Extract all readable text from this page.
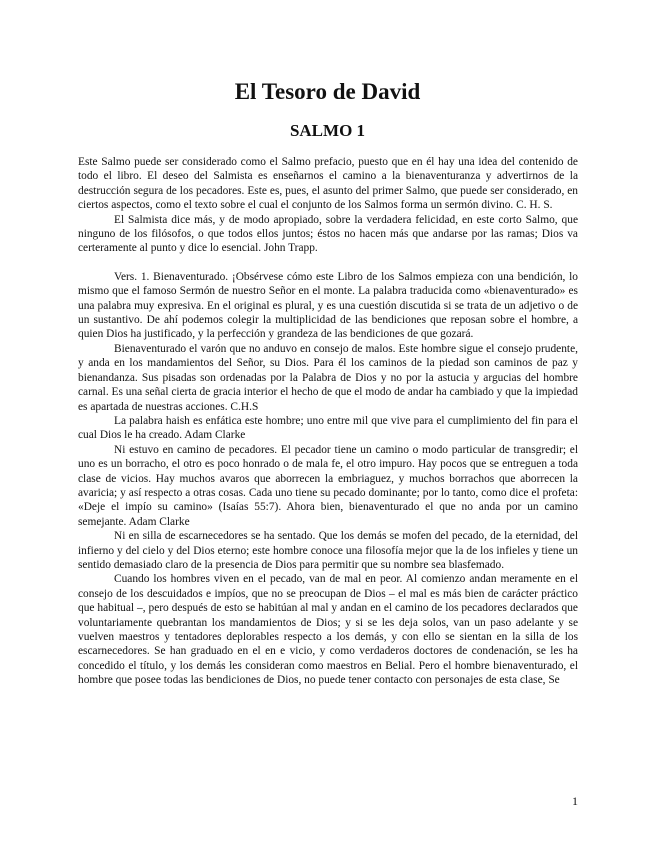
El Tesoro de David
SALMO 1

Este Salmo puede ser considerado como el Salmo prefacio, puesto que en él hay una idea del contenido de todo el libro. El deseo del Salmista es enseñarnos el camino a la bienaventuranza y advertirnos de la destrucción segura de los pecadores. Este es, pues, el asunto del primer Salmo, que puede ser considerado, en ciertos aspectos, como el texto sobre el cual el conjunto de los Salmos forma un sermón divino. C. H. S.

El Salmista dice más, y de modo apropiado, sobre la verdadera felicidad, en este corto Salmo, que ninguno de los filósofos, o que todos ellos juntos; éstos no hacen más que andarse por las ramas; Dios va certeramente al punto y dice lo esencial. John Trapp.

Vers. 1. Bienaventurado. ¡Obsérvese cómo este Libro de los Salmos empieza con una bendición, lo mismo que el famoso Sermón de nuestro Señor en el monte. La palabra traducida como «bienaventurado» es una palabra muy expresiva. En el original es plural, y es una cuestión discutida si se trata de un adjetivo o de un sustantivo. De ahí podemos colegir la multiplicidad de las bendiciones que reposan sobre el hombre, a quien Dios ha justificado, y la perfección y grandeza de las bendiciones de que gozará.

Bienaventurado el varón que no anduvo en consejo de malos. Este hombre sigue el consejo prudente, y anda en los mandamientos del Señor, su Dios. Para él los caminos de la piedad son caminos de paz y bienandanza. Sus pisadas son ordenadas por la Palabra de Dios y no por la astucia y argucias del hombre carnal. Es una señal cierta de gracia interior el hecho de que el modo de andar ha cambiado y que la impiedad es apartada de nuestras acciones. C.H.S

La palabra haish es enfática este hombre; uno entre mil que vive para el cumplimiento del fin para el cual Dios le ha creado. Adam Clarke

Ni estuvo en camino de pecadores. El pecador tiene un camino o modo particular de transgredir; el uno es un borracho, el otro es poco honrado o de mala fe, el otro impuro. Hay pocos que se entreguen a toda clase de vicios. Hay muchos avaros que aborrecen la embriaguez, y muchos borrachos que aborrecen la avaricia; y así respecto a otras cosas. Cada uno tiene su pecado dominante; por lo tanto, como dice el profeta: «Deje el impío su camino» (Isaías 55:7). Ahora bien, bienaventurado el que no anda por un camino semejante. Adam Clarke

Ni en silla de escarnecedores se ha sentado. Que los demás se mofen del pecado, de la eternidad, del infierno y del cielo y del Dios eterno; este hombre conoce una filosofía mejor que la de los infieles y tiene un sentido demasiado claro de la presencia de Dios para permitir que su nombre sea blasfemado.

Cuando los hombres viven en el pecado, van de mal en peor. Al comienzo andan meramente en el consejo de los descuidados e impíos, que no se preocupan de Dios – el mal es más bien de carácter práctico que habitual –, pero después de esto se habitúan al mal y andan en el camino de los pecadores declarados que voluntariamente quebrantan los mandamientos de Dios; y si se les deja solos, van un paso adelante y se vuelven maestros y tentadores deplorables respecto a los demás, y con ello se sientan en la silla de los escarnecedores. Se han graduado en el en e vicio, y como verdaderos doctores de condenación, se les ha concedido el título, y los demás les consideran como maestros en Belial. Pero el hombre bienaventurado, el hombre que posee todas las bendiciones de Dios, no puede tener contacto con personajes de esta clase, Se

1
